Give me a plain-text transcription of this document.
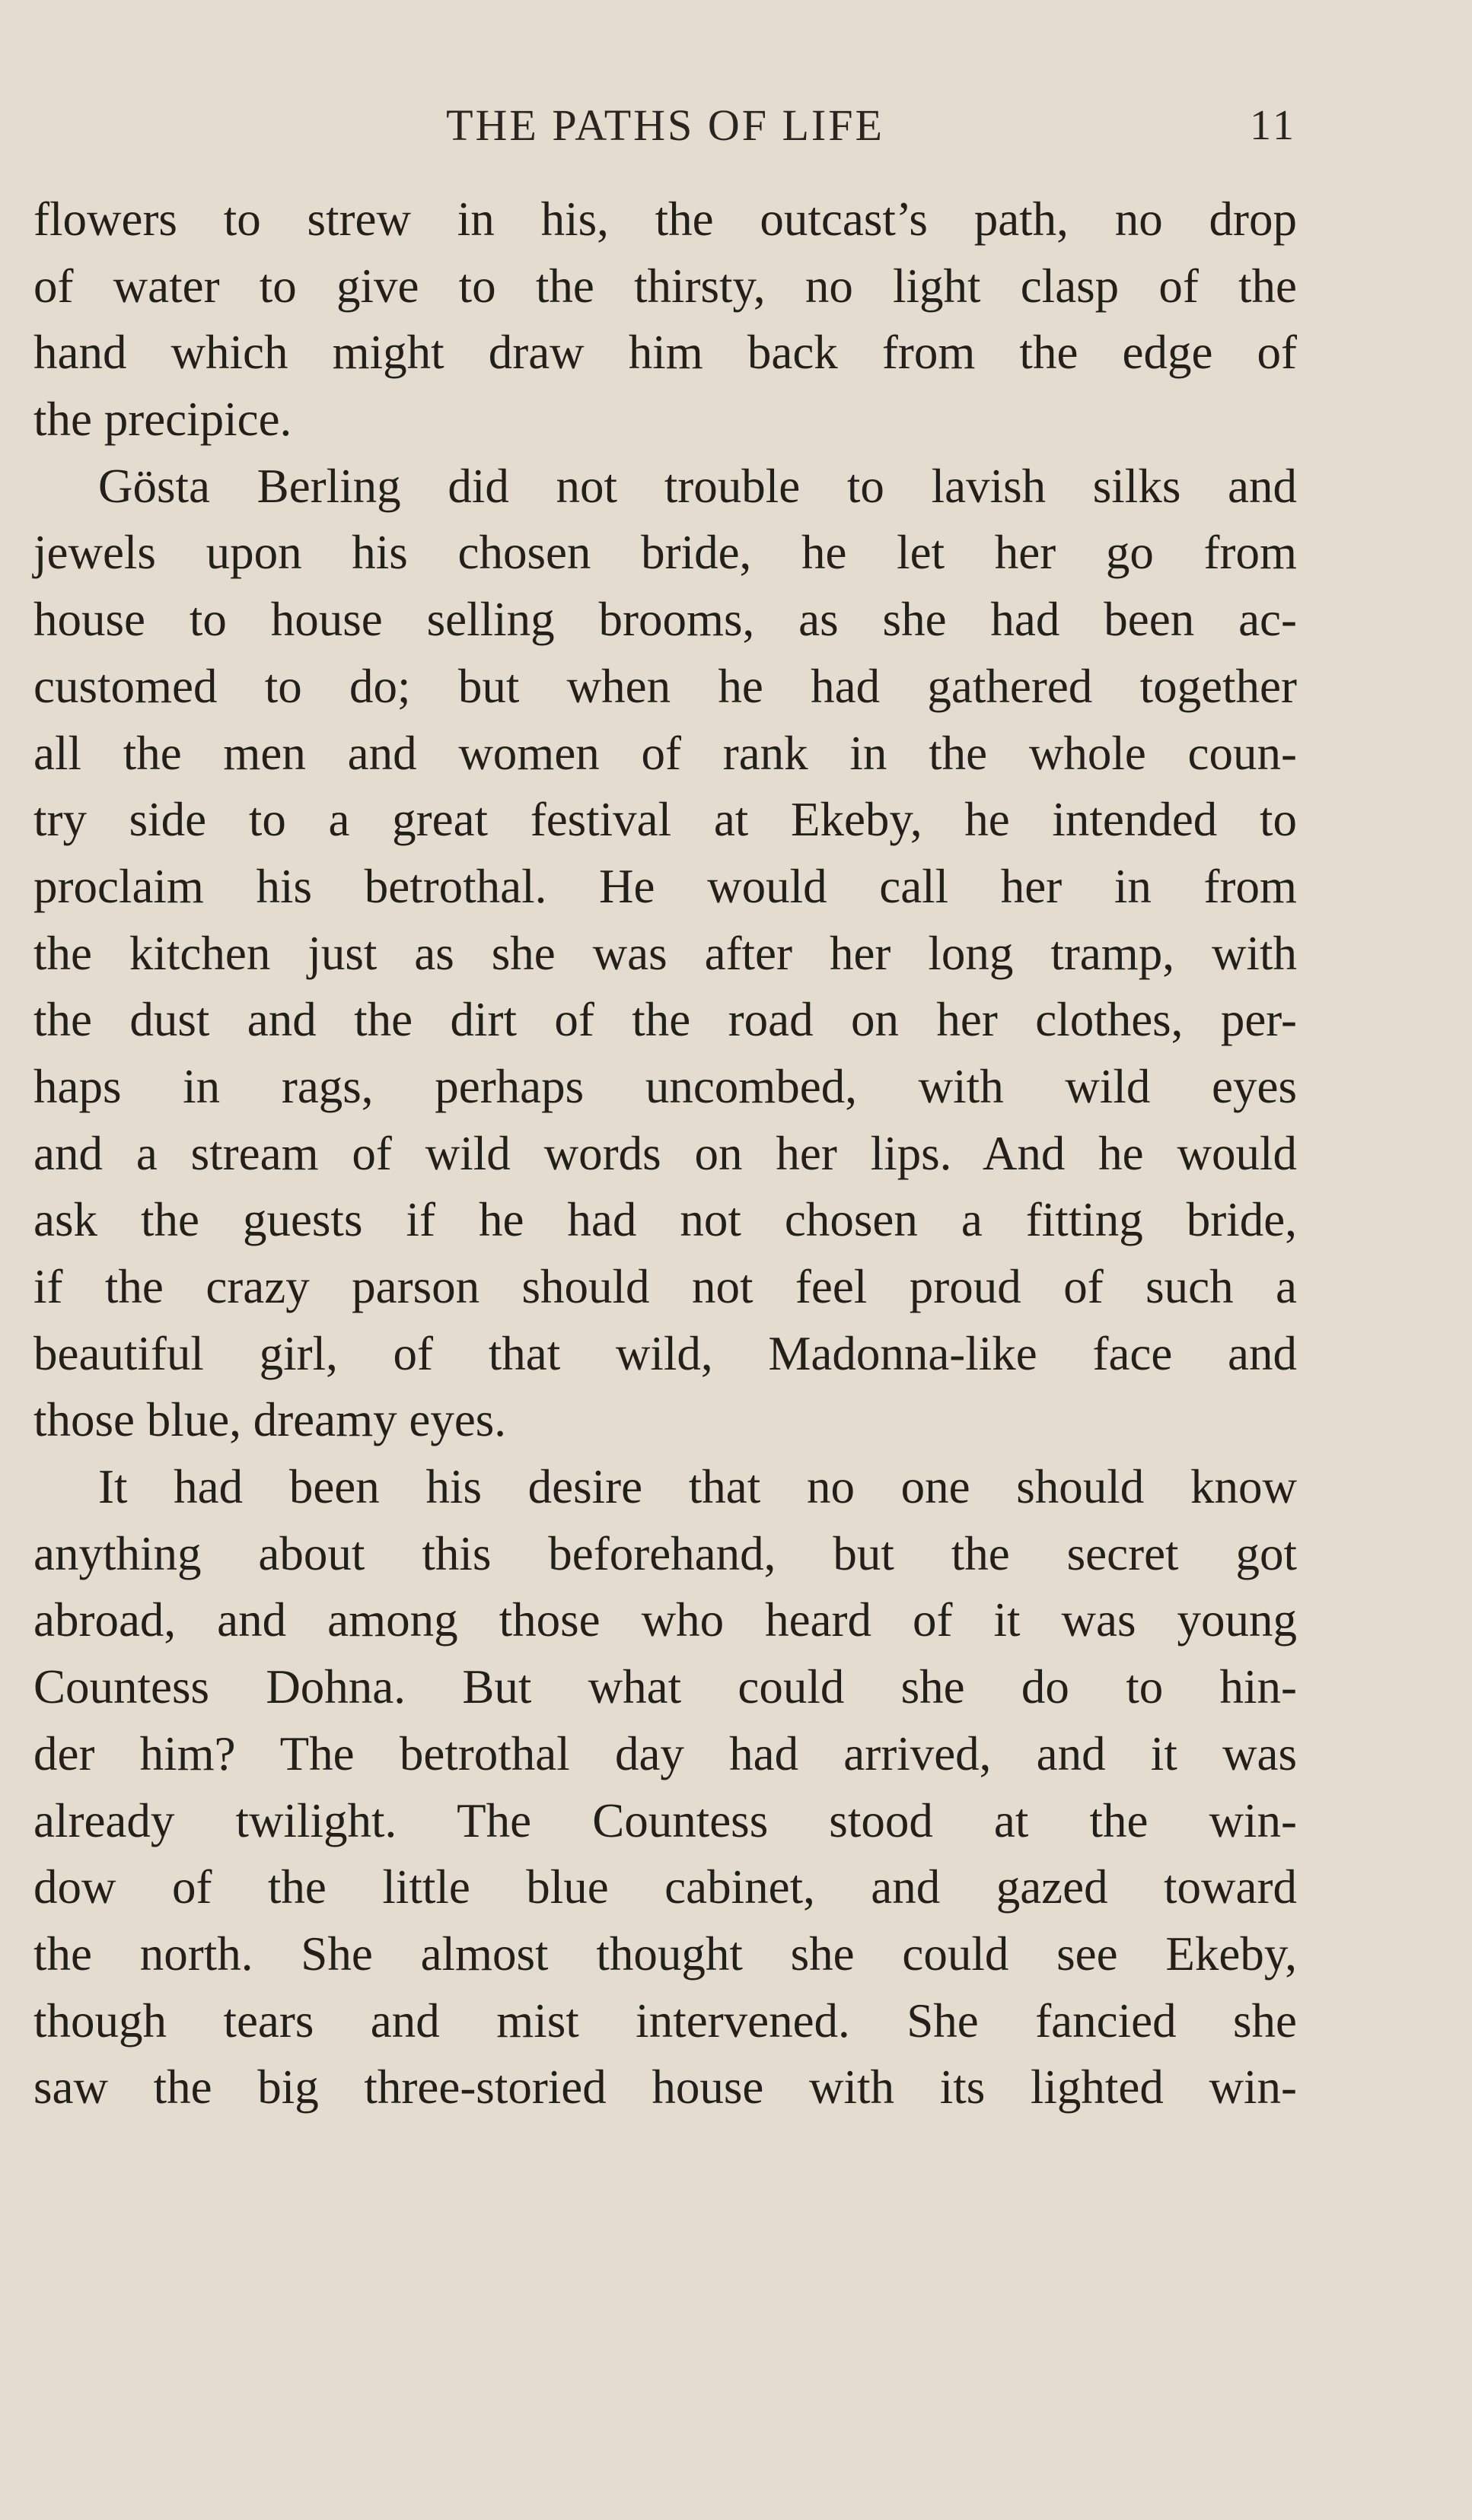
THE PATHS OF LIFE	11
flowers to strew in his, the outcast’s path, no drop
of water to give to the thirsty, no light clasp of the
hand which might draw him back from the edge of
the precipice.
Gösta Berling did not trouble to lavish silks and
jewels upon his chosen bride, he let her go from
house to house selling brooms, as she had been ac-
customed to do; but when he had gathered together
all the men and women of rank in the whole coun-
try side to a great festival at Ekeby, he intended to
proclaim his betrothal. He would call her in from
the kitchen just as she was after her long tramp, with
the dust and the dirt of the road on her clothes, per-
haps in rags, perhaps uncombed, with wild eyes
and a stream of wild words on her lips. And he would
ask the guests if he had not chosen a fitting bride,
if the crazy parson should not feel proud of such a
beautiful girl, of that wild, Madonna-like face and
those blue, dreamy eyes.
It had been his desire that no one should know
anything about this beforehand, but the secret got
abroad, and among those who heard of it was young
Countess Dohna. But what could she do to hin-
der him? The betrothal day had arrived, and it was
already twilight. The Countess stood at the win-
dow of the little blue cabinet, and gazed toward
the north. She almost thought she could see Ekeby,
though tears and mist intervened. She fancied she
saw the big three-storied house with its lighted win-
